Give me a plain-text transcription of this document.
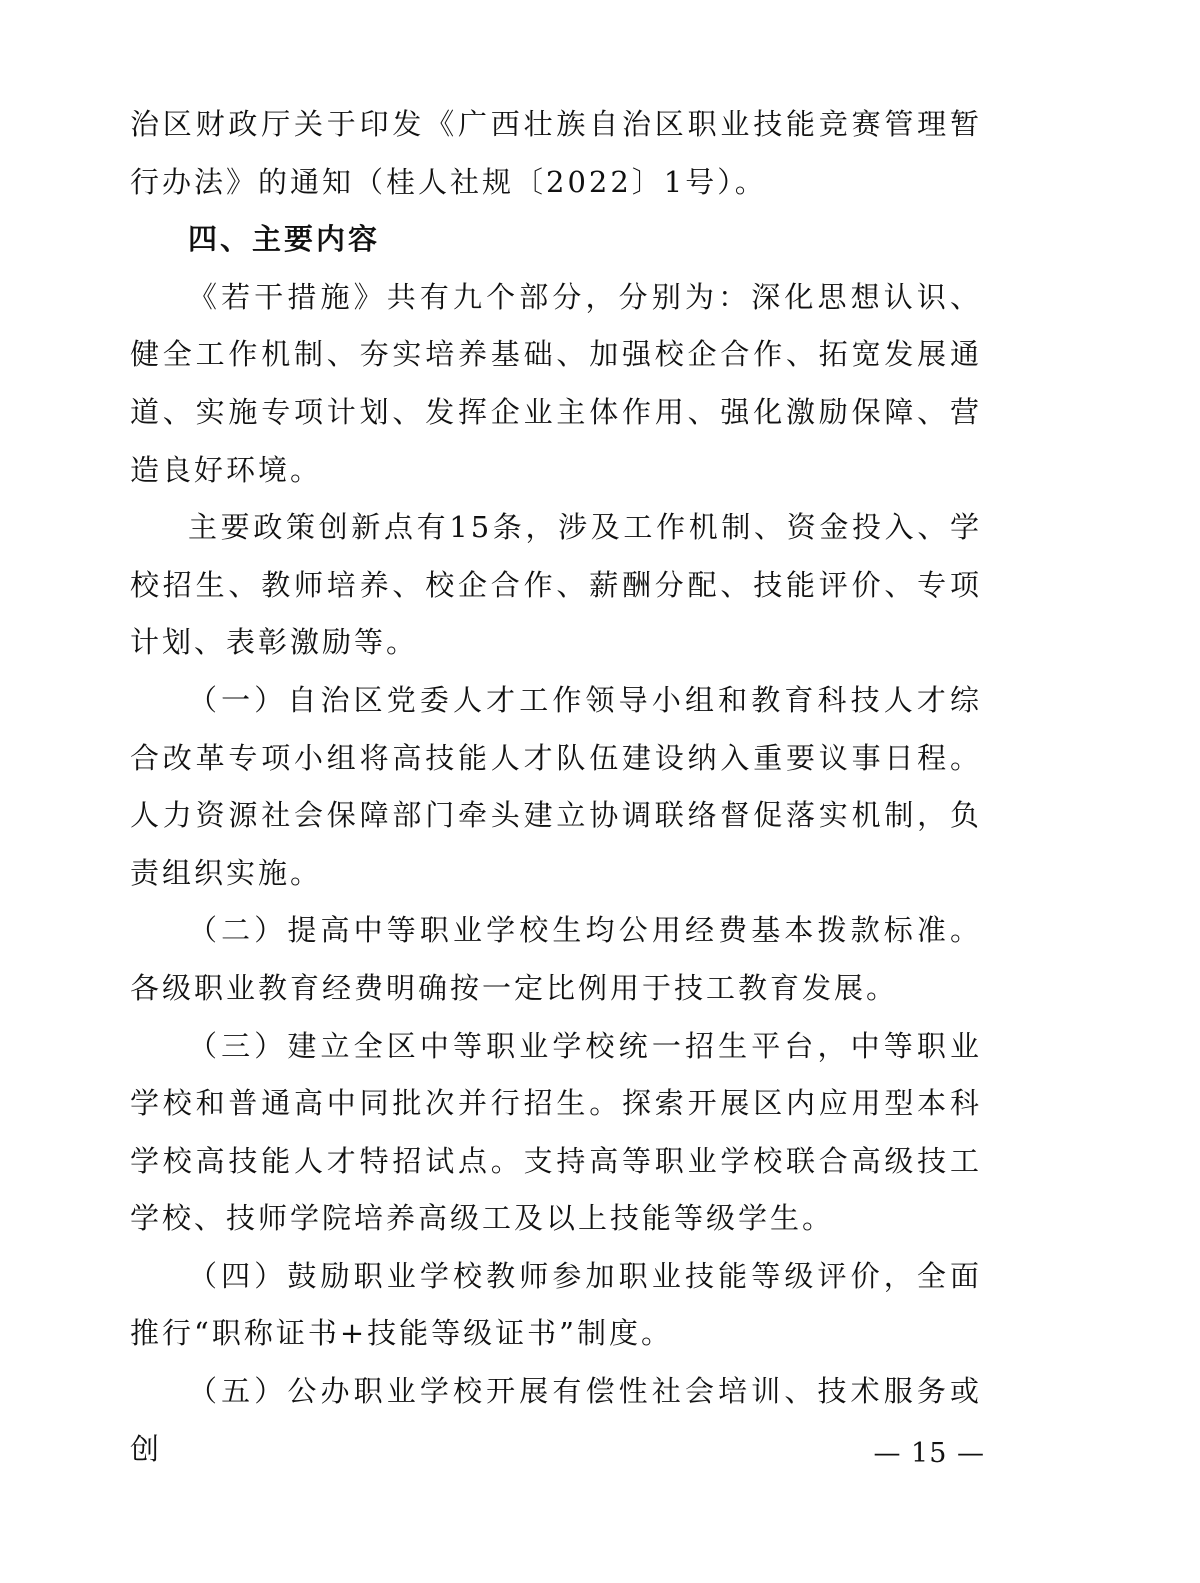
治区财政厅关于印发《广西壮族自治区职业技能竞赛管理暂行办法》的通知（桂人社规〔2022〕1号）。

四、主要内容

《若干措施》共有九个部分，分别为：深化思想认识、健全工作机制、夯实培养基础、加强校企合作、拓宽发展通道、实施专项计划、发挥企业主体作用、强化激励保障、营造良好环境。

主要政策创新点有15条，涉及工作机制、资金投入、学校招生、教师培养、校企合作、薪酬分配、技能评价、专项计划、表彰激励等。

（一）自治区党委人才工作领导小组和教育科技人才综合改革专项小组将高技能人才队伍建设纳入重要议事日程。人力资源社会保障部门牵头建立协调联络督促落实机制，负责组织实施。

（二）提高中等职业学校生均公用经费基本拨款标准。各级职业教育经费明确按一定比例用于技工教育发展。

（三）建立全区中等职业学校统一招生平台，中等职业学校和普通高中同批次并行招生。探索开展区内应用型本科学校高技能人才特招试点。支持高等职业学校联合高级技工学校、技师学院培养高级工及以上技能等级学生。

（四）鼓励职业学校教师参加职业技能等级评价，全面推行“职称证书+技能等级证书”制度。

（五）公办职业学校开展有偿性社会培训、技术服务或创	— 15 —
